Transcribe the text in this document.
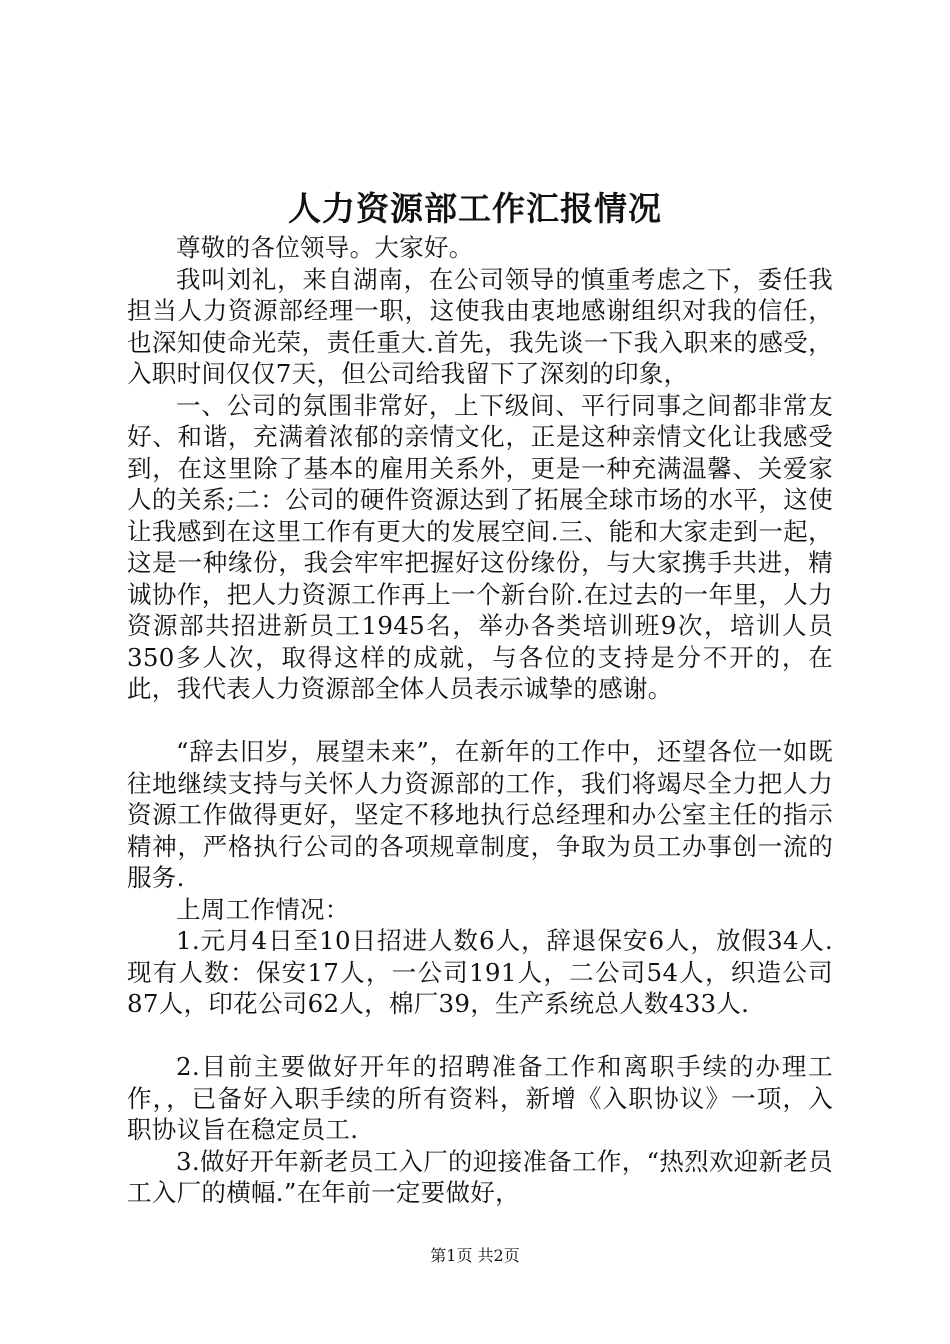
人力资源部工作汇报情况

尊敬的各位领导。大家好。

我叫刘礼，来自湖南，在公司领导的慎重考虑之下，委任我担当人力资源部经理一职，这使我由衷地感谢组织对我的信任，也深知使命光荣，责任重大.首先，我先谈一下我入职来的感受，入职时间仅仅7天，但公司给我留下了深刻的印象，

一、公司的氛围非常好，上下级间、平行同事之间都非常友好、和谐，充满着浓郁的亲情文化，正是这种亲情文化让我感受到，在这里除了基本的雇用关系外，更是一种充满温馨、关爱家人的关系;二：公司的硬件资源达到了拓展全球市场的水平，这使让我感到在这里工作有更大的发展空间.三、能和大家走到一起，这是一种缘份，我会牢牢把握好这份缘份，与大家携手共进，精诚协作，把人力资源工作再上一个新台阶.在过去的一年里，人力资源部共招进新员工1945名，举办各类培训班9次，培训人员350多人次，取得这样的成就，与各位的支持是分不开的，在此，我代表人力资源部全体人员表示诚挚的感谢。

“辞去旧岁，展望未来”，在新年的工作中，还望各位一如既往地继续支持与关怀人力资源部的工作，我们将竭尽全力把人力资源工作做得更好，坚定不移地执行总经理和办公室主任的指示精神，严格执行公司的各项规章制度，争取为员工办事创一流的服务.

上周工作情况：

1.元月4日至10日招进人数6人，辞退保安6人，放假34人.现有人数：保安17人，一公司191人，二公司54人，织造公司87人，印花公司62人，棉厂39，生产系统总人数433人.

2.目前主要做好开年的招聘准备工作和离职手续的办理工作，，已备好入职手续的所有资料，新增《入职协议》一项，入职协议旨在稳定员工.

3.做好开年新老员工入厂的迎接准备工作，“热烈欢迎新老员工入厂的横幅.”在年前一定要做好，

第1页 共2页
